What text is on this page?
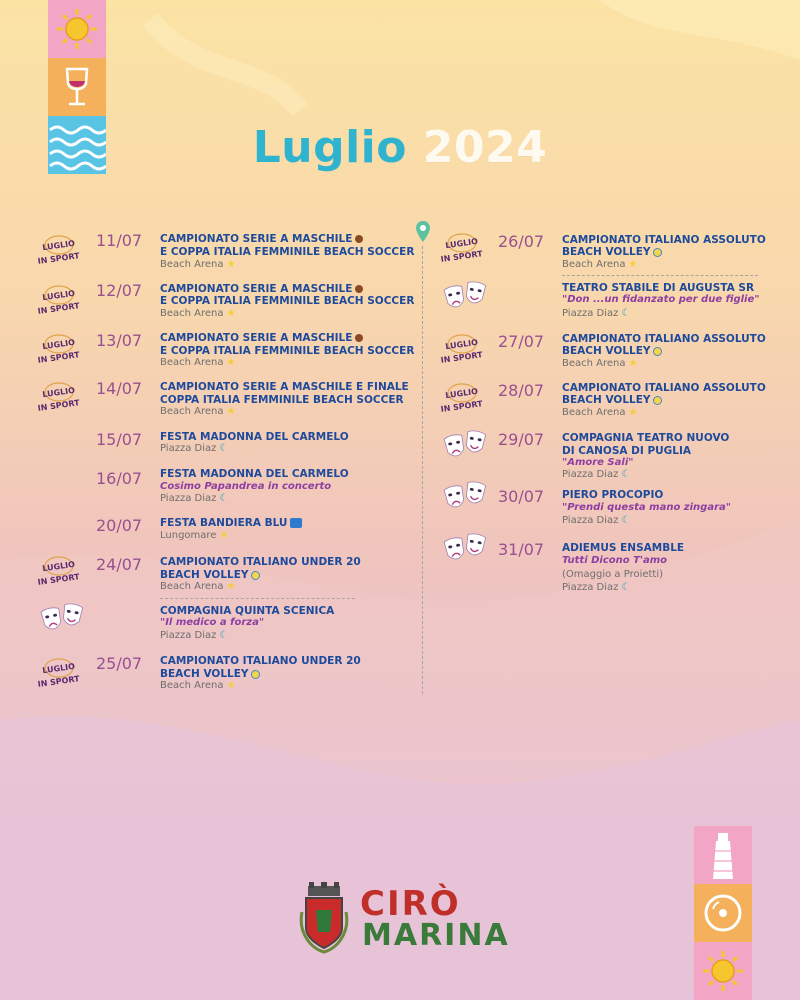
Luglio 2024
LUGLIO
IN SPORT
11/07 CAMPIONATO SERIE A MASCHILE
E COPPA ITALIA FEMMINILE BEACH SOCCER
Beach Arena ★
LUGLIO
IN SPORT
12/07 CAMPIONATO SERIE A MASCHILE
E COPPA ITALIA FEMMINILE BEACH SOCCER
Beach Arena ★
LUGLIO
IN SPORT
13/07 CAMPIONATO SERIE A MASCHILE
E COPPA ITALIA FEMMINILE BEACH SOCCER
Beach Arena ★
LUGLIO
IN SPORT
14/07 CAMPIONATO SERIE A MASCHILE E FINALE
COPPA ITALIA FEMMINILE BEACH SOCCER
Beach Arena ★
15/07 FESTA MADONNA DEL CARMELO
Piazza Diaz ☾
16/07 FESTA MADONNA DEL CARMELO
Cosimo Papandrea in concerto
Piazza Diaz ☾
20/07 FESTA BANDIERA BLU
Lungomare ★
LUGLIO
IN SPORT
24/07 CAMPIONATO ITALIANO UNDER 20
BEACH VOLLEY
Beach Arena ★
COMPAGNIA QUINTA SCENICA
"Il medico a forza"
Piazza Diaz ☾
LUGLIO
IN SPORT
25/07 CAMPIONATO ITALIANO UNDER 20
BEACH VOLLEY
Beach Arena ★
LUGLIO
IN SPORT
26/07 CAMPIONATO ITALIANO ASSOLUTO
BEACH VOLLEY
Beach Arena ★
TEATRO STABILE DI AUGUSTA SR
"Don ...un fidanzato per due figlie"
Piazza Diaz ☾
LUGLIO
IN SPORT
27/07 CAMPIONATO ITALIANO ASSOLUTO
BEACH VOLLEY
Beach Arena ★
LUGLIO
IN SPORT
28/07 CAMPIONATO ITALIANO ASSOLUTO
BEACH VOLLEY
Beach Arena ★
29/07 COMPAGNIA TEATRO NUOVO
DI CANOSA DI PUGLIA
"Amore Sali"
Piazza Diaz ☾
30/07 PIERO PROCOPIO
"Prendi questa mano zingara"
Piazza Diaz ☾
31/07 ADIEMUS ENSAMBLE
Tutti Dicono T'amo
(Omaggio a Proietti)
Piazza Diaz ☾
CIRÒ
MARINA
